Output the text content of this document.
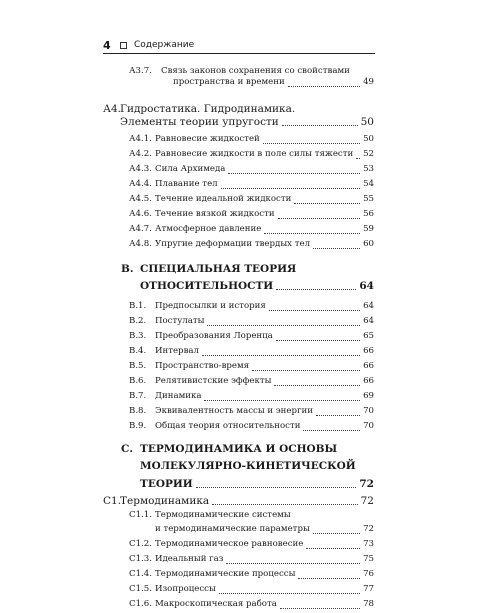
4	Содержание
А3.7. Связь законов сохранения со свойствами
пространства и времени	49
А4. Гидростатика. Гидродинамика.
Элементы теории упругости	50
А4.1. Равновесие жидкостей	50
А4.2. Равновесие жидкости в поле силы тяжести 52
А4.3. Сила Архимеда	53
А4.4. Плавание тел	54
А4.5. Течение идеальной жидкости	55
А4.6. Течение вязкой жидкости	56
А4.7. Атмосферное давление	59
А4.8. Упругие деформации твердых тел	60
В. СПЕЦИАЛЬНАЯ ТЕОРИЯ
ОТНОСИТЕЛЬНОСТИ	64
В.1. Предпосылки и история	64
В.2. Постулаты	64
В.3. Преобразования Лоренца	65
В.4. Интервал	66
В.5. Пространство-время	66
В.6. Релятивистские эффекты	66
В.7. Динамика	69
В.8. Эквивалентность массы и энергии	70
В.9. Общая теория относительности	70
С. ТЕРМОДИНАМИКА И ОСНОВЫ
МОЛЕКУЛЯРНО-КИНЕТИЧЕСКОЙ
ТЕОРИИ	72
С1.
Термодинамика	72
С1.1. Термодинамические системы
и термодинамические параметры	72
С1.2. Термодинамическое равновесие	73
С1.3. Идеальный газ	75
С1.4. Термодинамические процессы	76
С1.5. Изопроцессы	77
С1.6. Макроскопическая работа	78
